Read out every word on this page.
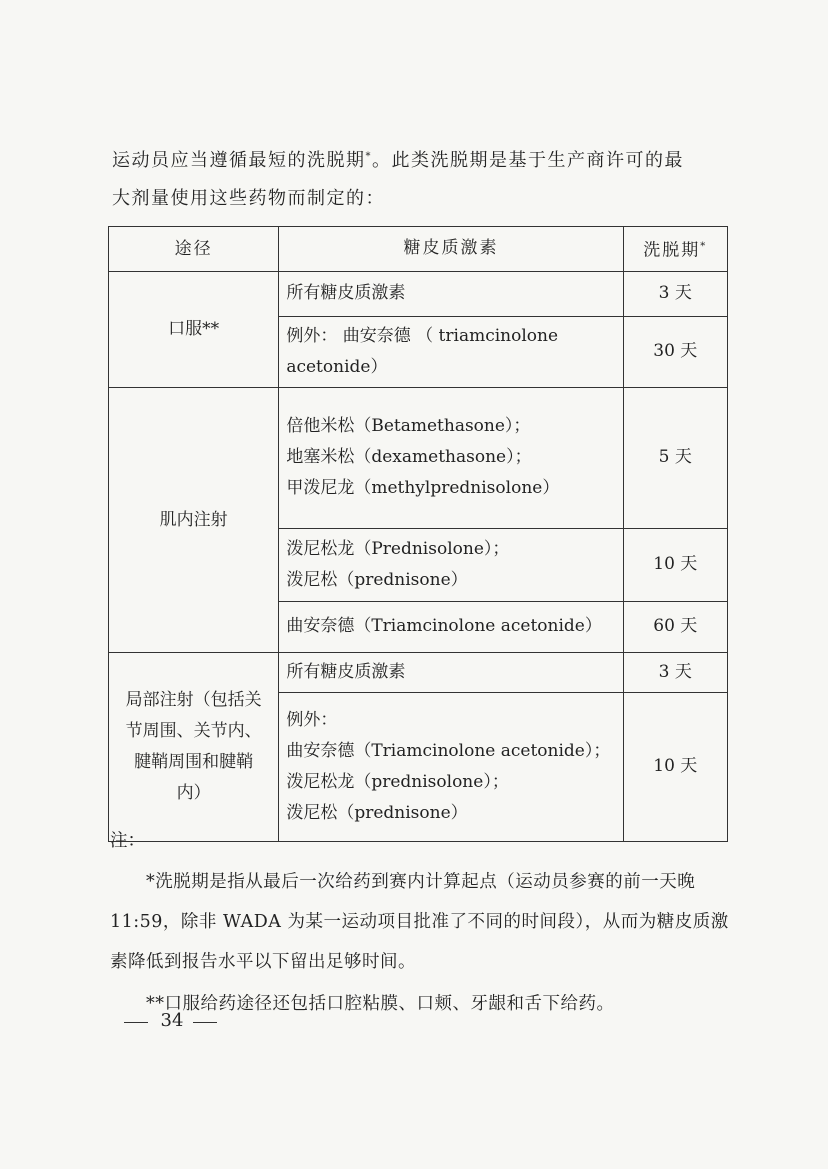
运动员应当遵循最短的洗脱期*。此类洗脱期是基于生产商许可的最
大剂量使用这些药物而制定的：

途径	糖皮质激素	洗脱期*
口服**	所有糖皮质激素	3 天

	例外： 曲安奈德 （ triamcinolone
acetonide）	30 天
肌内注射	倍他米松（Betamethasone）；
地塞米松（dexamethasone）；
甲泼尼龙（methylprednisolone）	5 天

	泼尼松龙（Prednisolone）；
泼尼松（prednisone）	10 天

	曲安奈德（Triamcinolone acetonide）	60 天

局部注射（包括关
节周围、关节内、
腱鞘周围和腱鞘
内）	所有糖皮质激素	3 天

	例外：
曲安奈德（Triamcinolone acetonide）；
泼尼松龙（prednisolone）；
泼尼松（prednisone）	10 天

注：

*洗脱期是指从最后一次给药到赛内计算起点（运动员参赛的前一天晚 11:59，除非 WADA 为某一运动项目批准了不同的时间段），从而为糖皮质激素降低到报告水平以下留出足够时间。

**口服给药途径还包括口腔粘膜、口颊、牙龈和舌下给药。

34
